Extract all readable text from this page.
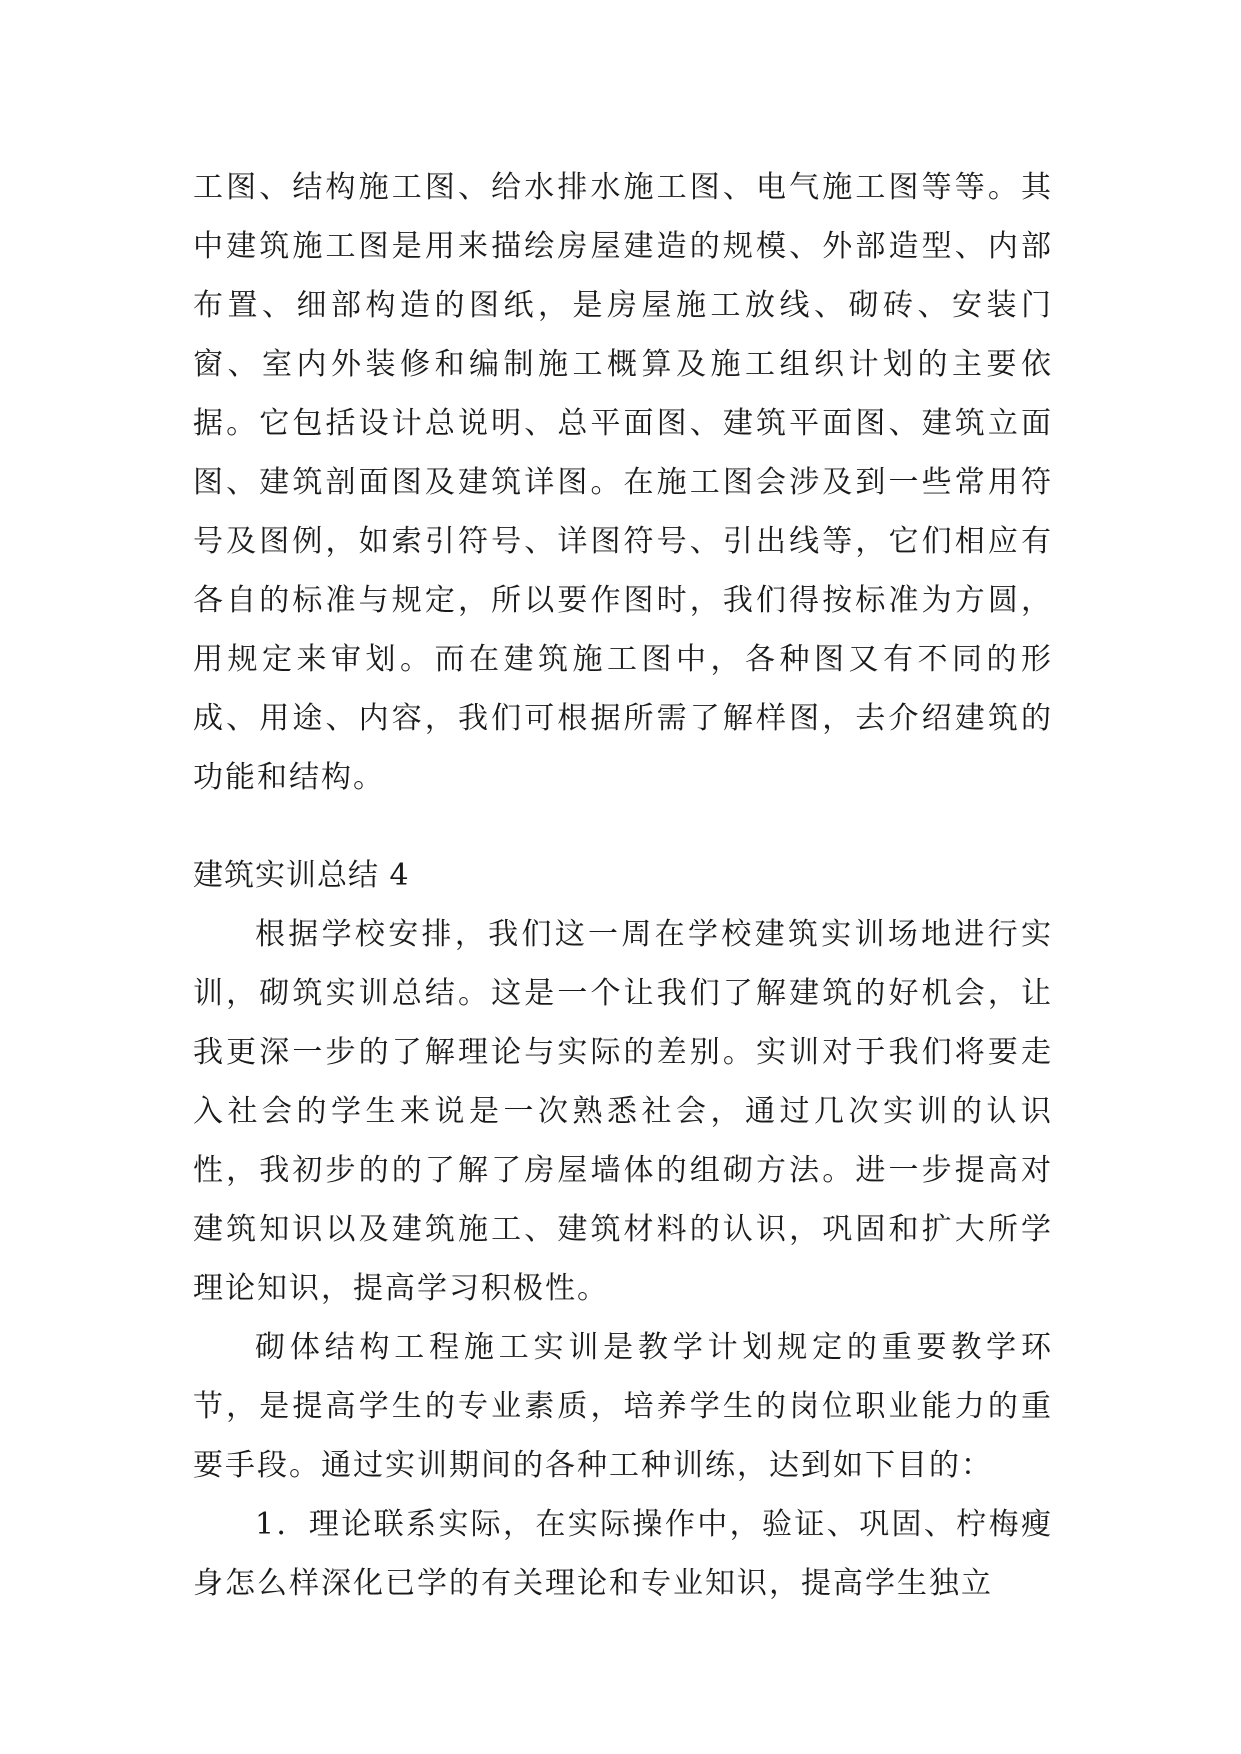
工图、结构施工图、给水排水施工图、电气施工图等等。其中建筑施工图是用来描绘房屋建造的规模、外部造型、内部布置、细部构造的图纸，是房屋施工放线、砌砖、安装门窗、室内外装修和编制施工概算及施工组织计划的主要依据。它包括设计总说明、总平面图、建筑平面图、建筑立面图、建筑剖面图及建筑详图。在施工图会涉及到一些常用符号及图例，如索引符号、详图符号、引出线等，它们相应有各自的标准与规定，所以要作图时，我们得按标准为方圆，用规定来审划。而在建筑施工图中，各种图又有不同的形成、用途、内容，我们可根据所需了解样图，去介绍建筑的功能和结构。

建筑实训总结 4

根据学校安排，我们这一周在学校建筑实训场地进行实训，砌筑实训总结。这是一个让我们了解建筑的好机会，让我更深一步的了解理论与实际的差别。实训对于我们将要走入社会的学生来说是一次熟悉社会，通过几次实训的认识性，我初步的的了解了房屋墙体的组砌方法。进一步提高对建筑知识以及建筑施工、建筑材料的认识，巩固和扩大所学理论知识，提高学习积极性。

砌体结构工程施工实训是教学计划规定的重要教学环节，是提高学生的专业素质，培养学生的岗位职业能力的重要手段。通过实训期间的各种工种训练，达到如下目的：

1．理论联系实际，在实际操作中，验证、巩固、柠梅瘦身怎么样深化已学的有关理论和专业知识，提高学生独立
